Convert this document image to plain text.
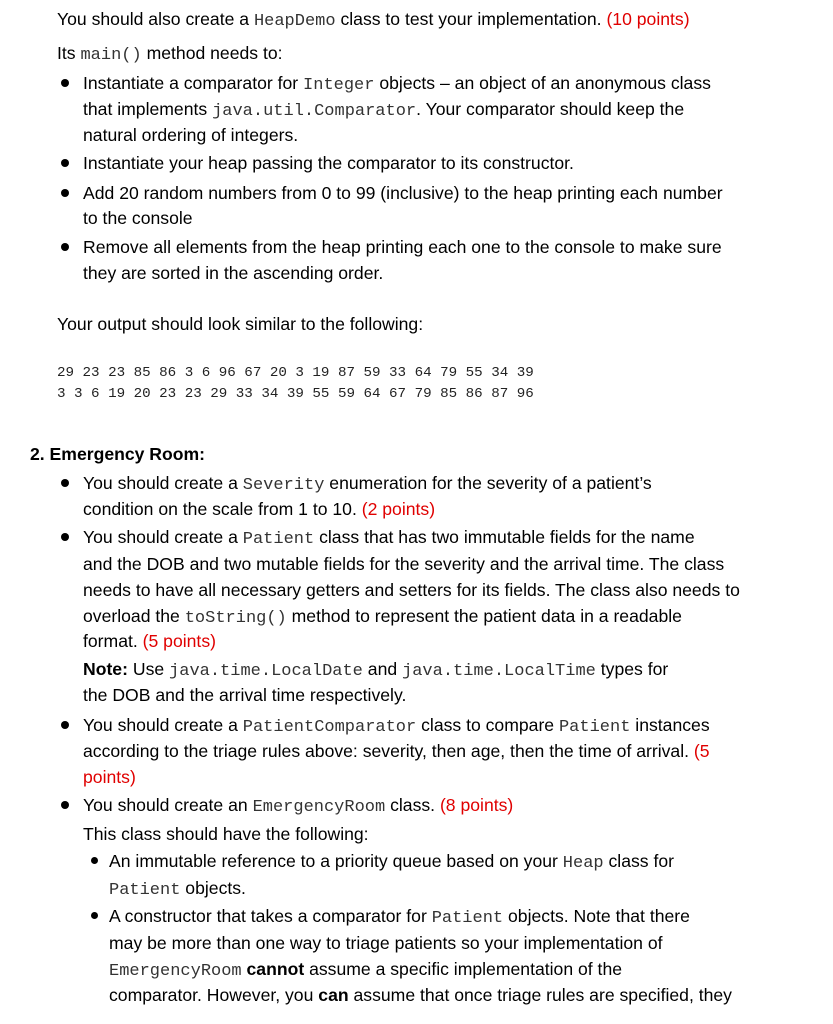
You should also create a HeapDemo class to test your implementation. (10 points)
Its main() method needs to:
Instantiate a comparator for Integer objects – an object of an anonymous class
that implements java.util.Comparator. Your comparator should keep the
natural ordering of integers.
Instantiate your heap passing the comparator to its constructor.
Add 20 random numbers from 0 to 99 (inclusive) to the heap printing each number
to the console
Remove all elements from the heap printing each one to the console to make sure
they are sorted in the ascending order.
Your output should look similar to the following:
29 23 23 85 86 3 6 96 67 20 3 19 87 59 33 64 79 55 34 39
3 3 6 19 20 23 23 29 33 34 39 55 59 64 67 79 85 86 87 96
2. Emergency Room:
You should create a Severity enumeration for the severity of a patient’s
condition on the scale from 1 to 10. (2 points)
You should create a Patient class that has two immutable fields for the name
and the DOB and two mutable fields for the severity and the arrival time. The class
needs to have all necessary getters and setters for its fields. The class also needs to
overload the toString() method to represent the patient data in a readable
format. (5 points)
Note: Use java.time.LocalDate and java.time.LocalTime types for
the DOB and the arrival time respectively.
You should create a PatientComparator class to compare Patient instances
according to the triage rules above: severity, then age, then the time of arrival. (5
points)
You should create an EmergencyRoom class. (8 points)
This class should have the following:
An immutable reference to a priority queue based on your Heap class for
Patient objects.
A constructor that takes a comparator for Patient objects. Note that there
may be more than one way to triage patients so your implementation of
EmergencyRoom cannot assume a specific implementation of the
comparator. However, you can assume that once triage rules are specified, they
